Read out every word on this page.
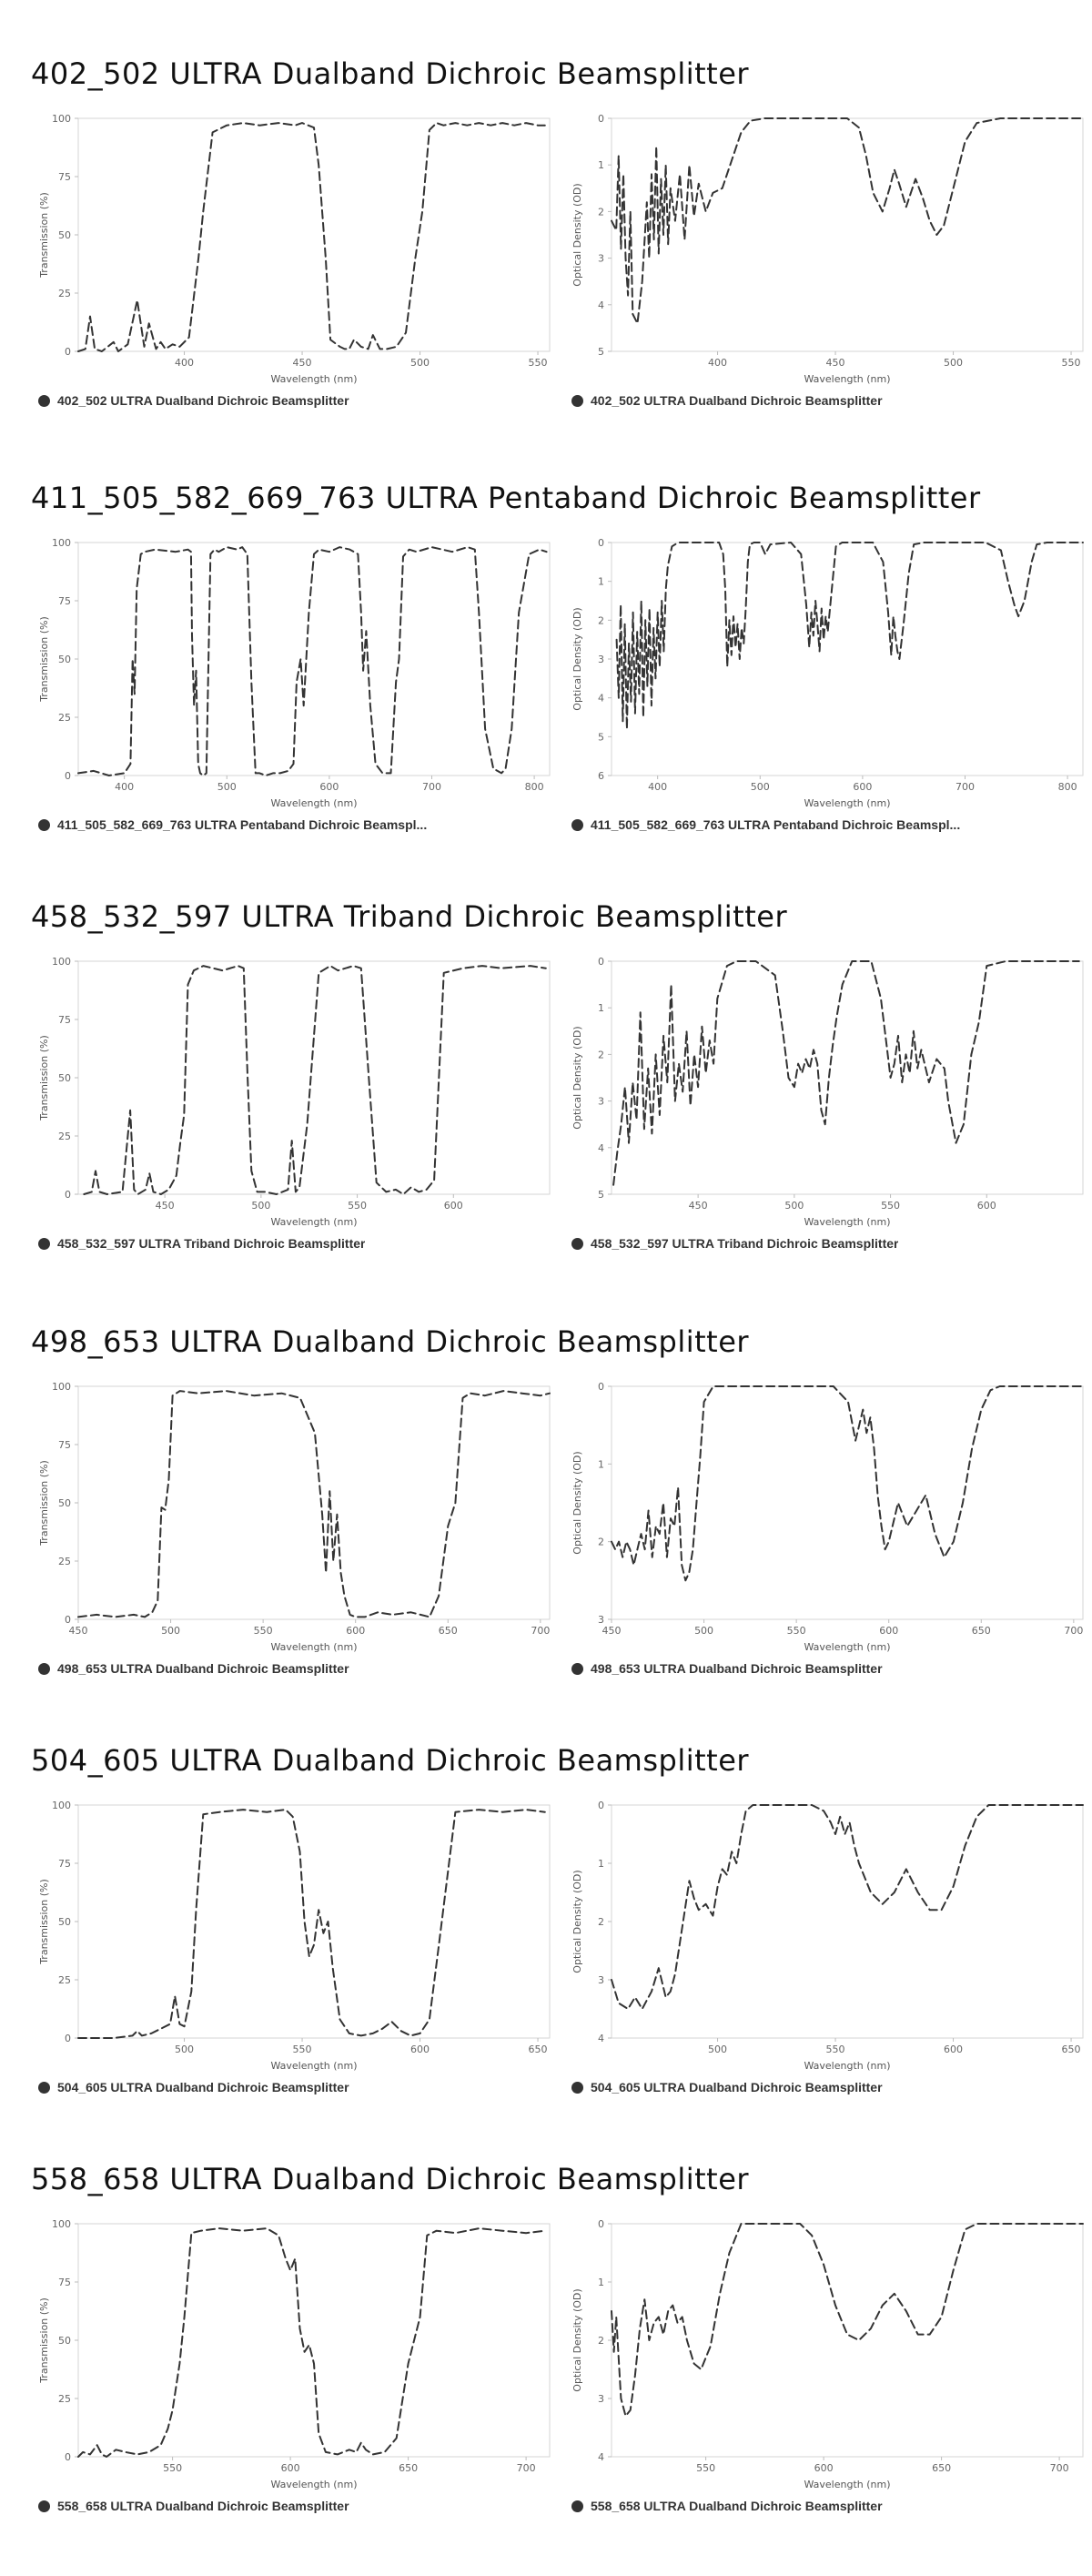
402_502 ULTRA Dualband Dichroic Beamsplitter
0
25
50
75
100
400	450	500	550
Wavelength (nm)
Transmission (%)
402_502 ULTRA Dualband Dichroic Beamsplitter
0
1
2
3
4
5
400	450	500	550
Wavelength (nm)
Optical Density (OD)
402_502 ULTRA Dualband Dichroic Beamsplitter
411_505_582_669_763 ULTRA Pentaband Dichroic Beamsplitter
0
25
50
75
100
400	500	600	700	800
Wavelength (nm)
Transmission (%)
411_505_582_669_763 ULTRA Pentaband Dichroic Beamspl...
0
1
2
3
4
5
6
400	500	600	700	800
Wavelength (nm)
Optical Density (OD)
411_505_582_669_763 ULTRA Pentaband Dichroic Beamspl...
458_532_597 ULTRA Triband Dichroic Beamsplitter
0
25
50
75
100
450	500	550	600
Wavelength (nm)
Transmission (%)
458_532_597 ULTRA Triband Dichroic Beamsplitter
0
1
2
3
4
5
450	500	550	600
Wavelength (nm)
Optical Density (OD)
458_532_597 ULTRA Triband Dichroic Beamsplitter
498_653 ULTRA Dualband Dichroic Beamsplitter
0
25
50
75
100
450	500	550	600	650	700
Wavelength (nm)
Transmission (%)
498_653 ULTRA Dualband Dichroic Beamsplitter
0
1
2
3
450	500	550	600	650	700
Wavelength (nm)
Optical Density (OD)
498_653 ULTRA Dualband Dichroic Beamsplitter
504_605 ULTRA Dualband Dichroic Beamsplitter
0
25
50
75
100
500	550	600	650
Wavelength (nm)
Transmission (%)
504_605 ULTRA Dualband Dichroic Beamsplitter
0
1
2
3
4
500	550	600	650
Wavelength (nm)
Optical Density (OD)
504_605 ULTRA Dualband Dichroic Beamsplitter
558_658 ULTRA Dualband Dichroic Beamsplitter
0
25
50
75
100
550	600	650	700
Wavelength (nm)
Transmission (%)
558_658 ULTRA Dualband Dichroic Beamsplitter
0
1
2
3
4
550	600	650	700
Wavelength (nm)
Optical Density (OD)
558_658 ULTRA Dualband Dichroic Beamsplitter
